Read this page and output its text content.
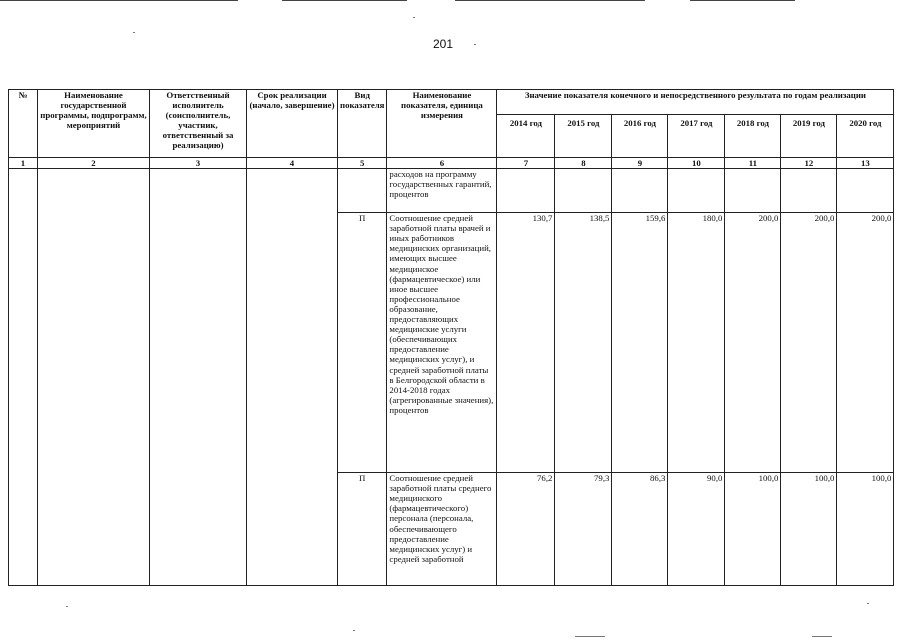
201
№	Наименование государственной программы, подпрограмм, мероприятий	Ответственный исполнитель (соисполнитель, участник, ответственный за реализацию)	Срок реализации (начало, завершение)	Вид показателя	Наименование показателя, единица измерения	Значение показателя конечного и непосредственного результата по годам реализации						
						2014 год	2015 год	2016 год	2017 год	2018 год	2019 год	2020 год
1	2	3	4	5	6	7	8	9	10	11	12	13
					расходов на программу государственных гарантий, процентов							
				П	Соотношение средней заработной платы врачей и иных работников медицинских организаций, имеющих высшее медицинское (фармацевтическое) или иное высшее профессиональное образование, предоставляющих медицинские услуги (обеспечивающих предоставление медицинских услуг), и средней заработной платы в Белгородской области в 2014-2018 годах (агрегированные значения), процентов	130,7	138,5	159,6	180,0	200,0	200,0	200,0
				П	Соотношение средней заработной платы среднего медицинского (фармацевтического) персонала (персонала, обеспечивающего предоставление медицинских услуг) и средней заработной	76,2	79,3	86,3	90,0	100,0	100,0	100,0
